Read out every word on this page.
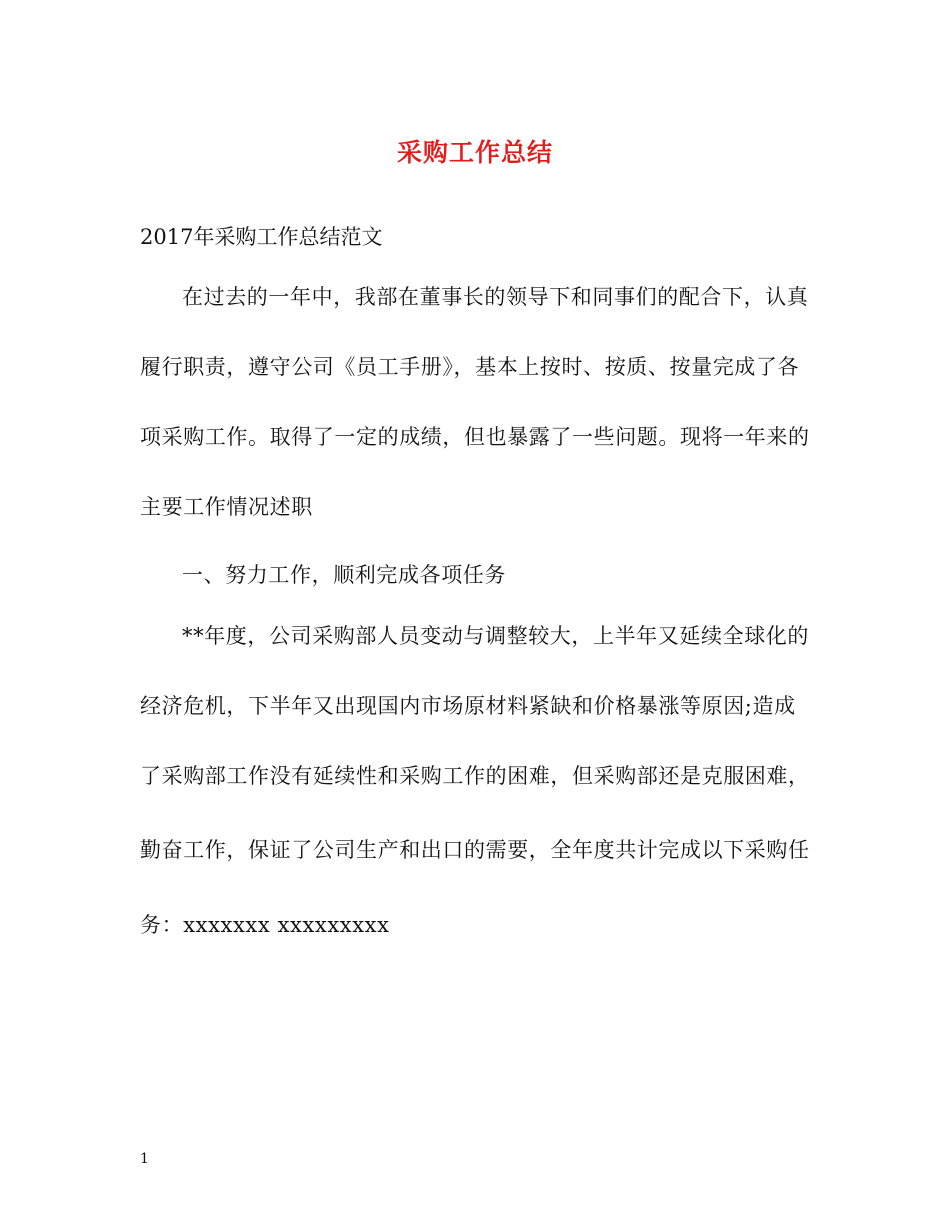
采购工作总结
2017年采购工作总结范文
在过去的一年中，我部在董事长的领导下和同事们的配合下，认真
履行职责，遵守公司《员工手册》，基本上按时、按质、按量完成了各
项采购工作。取得了一定的成绩，但也暴露了一些问题。现将一年来的
主要工作情况述职
一、努力工作，顺利完成各项任务
**年度，公司采购部人员变动与调整较大，上半年又延续全球化的
经济危机，下半年又出现国内市场原材料紧缺和价格暴涨等原因;造成
了采购部工作没有延续性和采购工作的困难，但采购部还是克服困难，
勤奋工作，保证了公司生产和出口的需要，全年度共计完成以下采购任
务：xxxxxxx xxxxxxxxx
1
